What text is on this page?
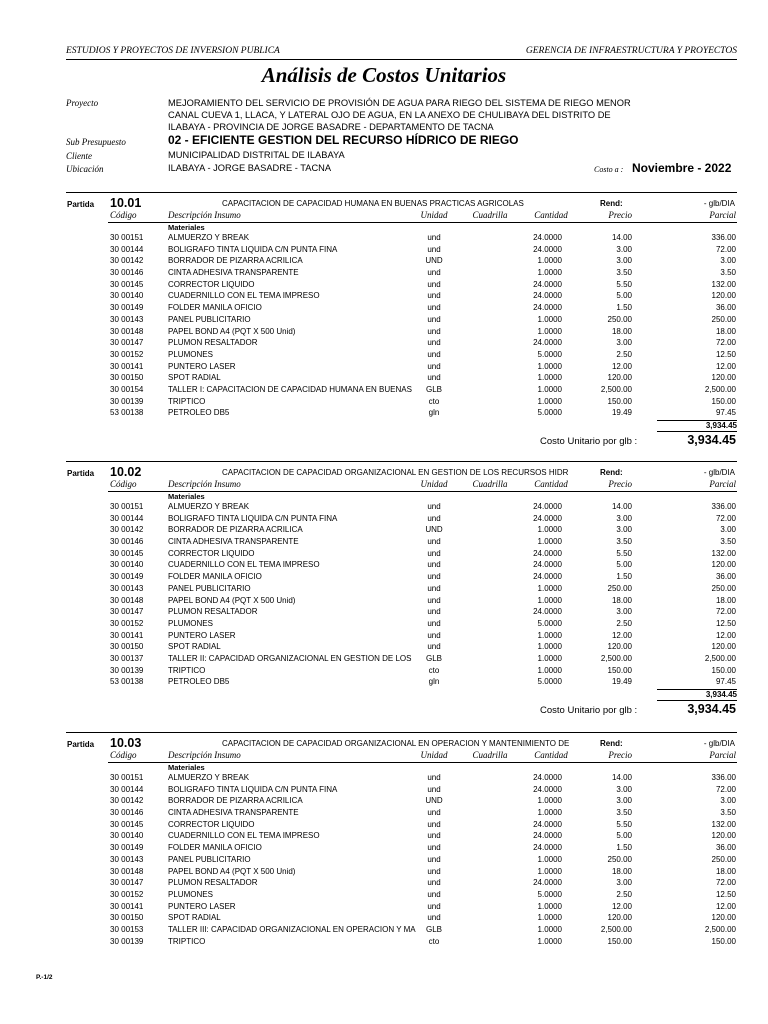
ESTUDIOS Y PROYECTOS DE INVERSION PUBLICA	GERENCIA DE INFRAESTRUCTURA Y PROYECTOS
Análisis de Costos Unitarios
Proyecto	MEJORAMIENTO DEL SERVICIO DE PROVISIÓN DE AGUA PARA RIEGO DEL SISTEMA DE RIEGO MENOR
CANAL CUEVA 1, LLACA, Y LATERAL OJO DE AGUA, EN LA ANEXO DE CHULIBAYA DEL DISTRITO DE
ILABAYA - PROVINCIA DE JORGE BASADRE - DEPARTAMENTO DE TACNA
Sub Presupuesto	02 - EFICIENTE GESTION DEL RECURSO HÍDRICO DE RIEGO
Cliente	MUNICIPALIDAD DISTRITAL DE ILABAYA
Ubicación	ILABAYA - JORGE BASADRE - TACNA	Costo a : Noviembre - 2022
Partida 10.01	CAPACITACION DE CAPACIDAD HUMANA EN BUENAS PRACTICAS AGRICOLAS	Rend:	- glb/DIA
Código	Descripción Insumo	Unidad	Cuadrilla	Cantidad	Precio	Parcial
Materiales
30 00151	ALMUERZO Y BREAK	und	24.0000	14.00	336.00
30 00144	BOLIGRAFO TINTA LIQUIDA C/N PUNTA FINA	und	24.0000	3.00	72.00
30 00142	BORRADOR DE PIZARRA ACRILICA	UND	1.0000	3.00	3.00
30 00146	CINTA ADHESIVA TRANSPARENTE	und	1.0000	3.50	3.50
30 00145	CORRECTOR LIQUIDO	und	24.0000	5.50	132.00
30 00140	CUADERNILLO CON EL TEMA IMPRESO	und	24.0000	5.00	120.00
30 00149	FOLDER MANILA OFICIO	und	24.0000	1.50	36.00
30 00143	PANEL PUBLICITARIO	und	1.0000	250.00	250.00
30 00148	PAPEL BOND A4 (PQT X 500 Unid)	und	1.0000	18.00	18.00
30 00147	PLUMON RESALTADOR	und	24.0000	3.00	72.00
30 00152	PLUMONES	und	5.0000	2.50	12.50
30 00141	PUNTERO LASER	und	1.0000	12.00	12.00
30 00150	SPOT RADIAL	und	1.0000	120.00	120.00
30 00154	TALLER I: CAPACITACION DE CAPACIDAD HUMANA EN BUENAS	GLB	1.0000	2,500.00	2,500.00
30 00139	TRIPTICO	cto	1.0000	150.00	150.00
53 00138	PETROLEO DB5	gln	5.0000	19.49	97.45
3,934.45
Costo Unitario por glb :	3,934.45
Partida 10.02	CAPACITACION DE CAPACIDAD ORGANIZACIONAL EN GESTION DE LOS RECURSOS HIDR	Rend:	- glb/DIA
Código	Descripción Insumo	Unidad	Cuadrilla	Cantidad	Precio	Parcial
Materiales
30 00151	ALMUERZO Y BREAK	und	24.0000	14.00	336.00
30 00144	BOLIGRAFO TINTA LIQUIDA C/N PUNTA FINA	und	24.0000	3.00	72.00
30 00142	BORRADOR DE PIZARRA ACRILICA	UND	1.0000	3.00	3.00
30 00146	CINTA ADHESIVA TRANSPARENTE	und	1.0000	3.50	3.50
30 00145	CORRECTOR LIQUIDO	und	24.0000	5.50	132.00
30 00140	CUADERNILLO CON EL TEMA IMPRESO	und	24.0000	5.00	120.00
30 00149	FOLDER MANILA OFICIO	und	24.0000	1.50	36.00
30 00143	PANEL PUBLICITARIO	und	1.0000	250.00	250.00
30 00148	PAPEL BOND A4 (PQT X 500 Unid)	und	1.0000	18.00	18.00
30 00147	PLUMON RESALTADOR	und	24.0000	3.00	72.00
30 00152	PLUMONES	und	5.0000	2.50	12.50
30 00141	PUNTERO LASER	und	1.0000	12.00	12.00
30 00150	SPOT RADIAL	und	1.0000	120.00	120.00
30 00137	TALLER II: CAPACIDAD ORGANIZACIONAL EN GESTION DE LOS	GLB	1.0000	2,500.00	2,500.00
30 00139	TRIPTICO	cto	1.0000	150.00	150.00
53 00138	PETROLEO DB5	gln	5.0000	19.49	97.45
3,934.45
Costo Unitario por glb :	3,934.45
Partida 10.03	CAPACITACION DE CAPACIDAD ORGANIZACIONAL EN OPERACION Y MANTENIMIENTO DE	Rend:	- glb/DIA
Código	Descripción Insumo	Unidad	Cuadrilla	Cantidad	Precio	Parcial
Materiales
30 00151	ALMUERZO Y BREAK	und	24.0000	14.00	336.00
30 00144	BOLIGRAFO TINTA LIQUIDA C/N PUNTA FINA	und	24.0000	3.00	72.00
30 00142	BORRADOR DE PIZARRA ACRILICA	UND	1.0000	3.00	3.00
30 00146	CINTA ADHESIVA TRANSPARENTE	und	1.0000	3.50	3.50
30 00145	CORRECTOR LIQUIDO	und	24.0000	5.50	132.00
30 00140	CUADERNILLO CON EL TEMA IMPRESO	und	24.0000	5.00	120.00
30 00149	FOLDER MANILA OFICIO	und	24.0000	1.50	36.00
30 00143	PANEL PUBLICITARIO	und	1.0000	250.00	250.00
30 00148	PAPEL BOND A4 (PQT X 500 Unid)	und	1.0000	18.00	18.00
30 00147	PLUMON RESALTADOR	und	24.0000	3.00	72.00
30 00152	PLUMONES	und	5.0000	2.50	12.50
30 00141	PUNTERO LASER	und	1.0000	12.00	12.00
30 00150	SPOT RADIAL	und	1.0000	120.00	120.00
30 00153	TALLER III: CAPACIDAD ORGANIZACIONAL EN OPERACION Y MA	GLB	1.0000	2,500.00	2,500.00
30 00139	TRIPTICO	cto	1.0000	150.00	150.00
P.-1/2
